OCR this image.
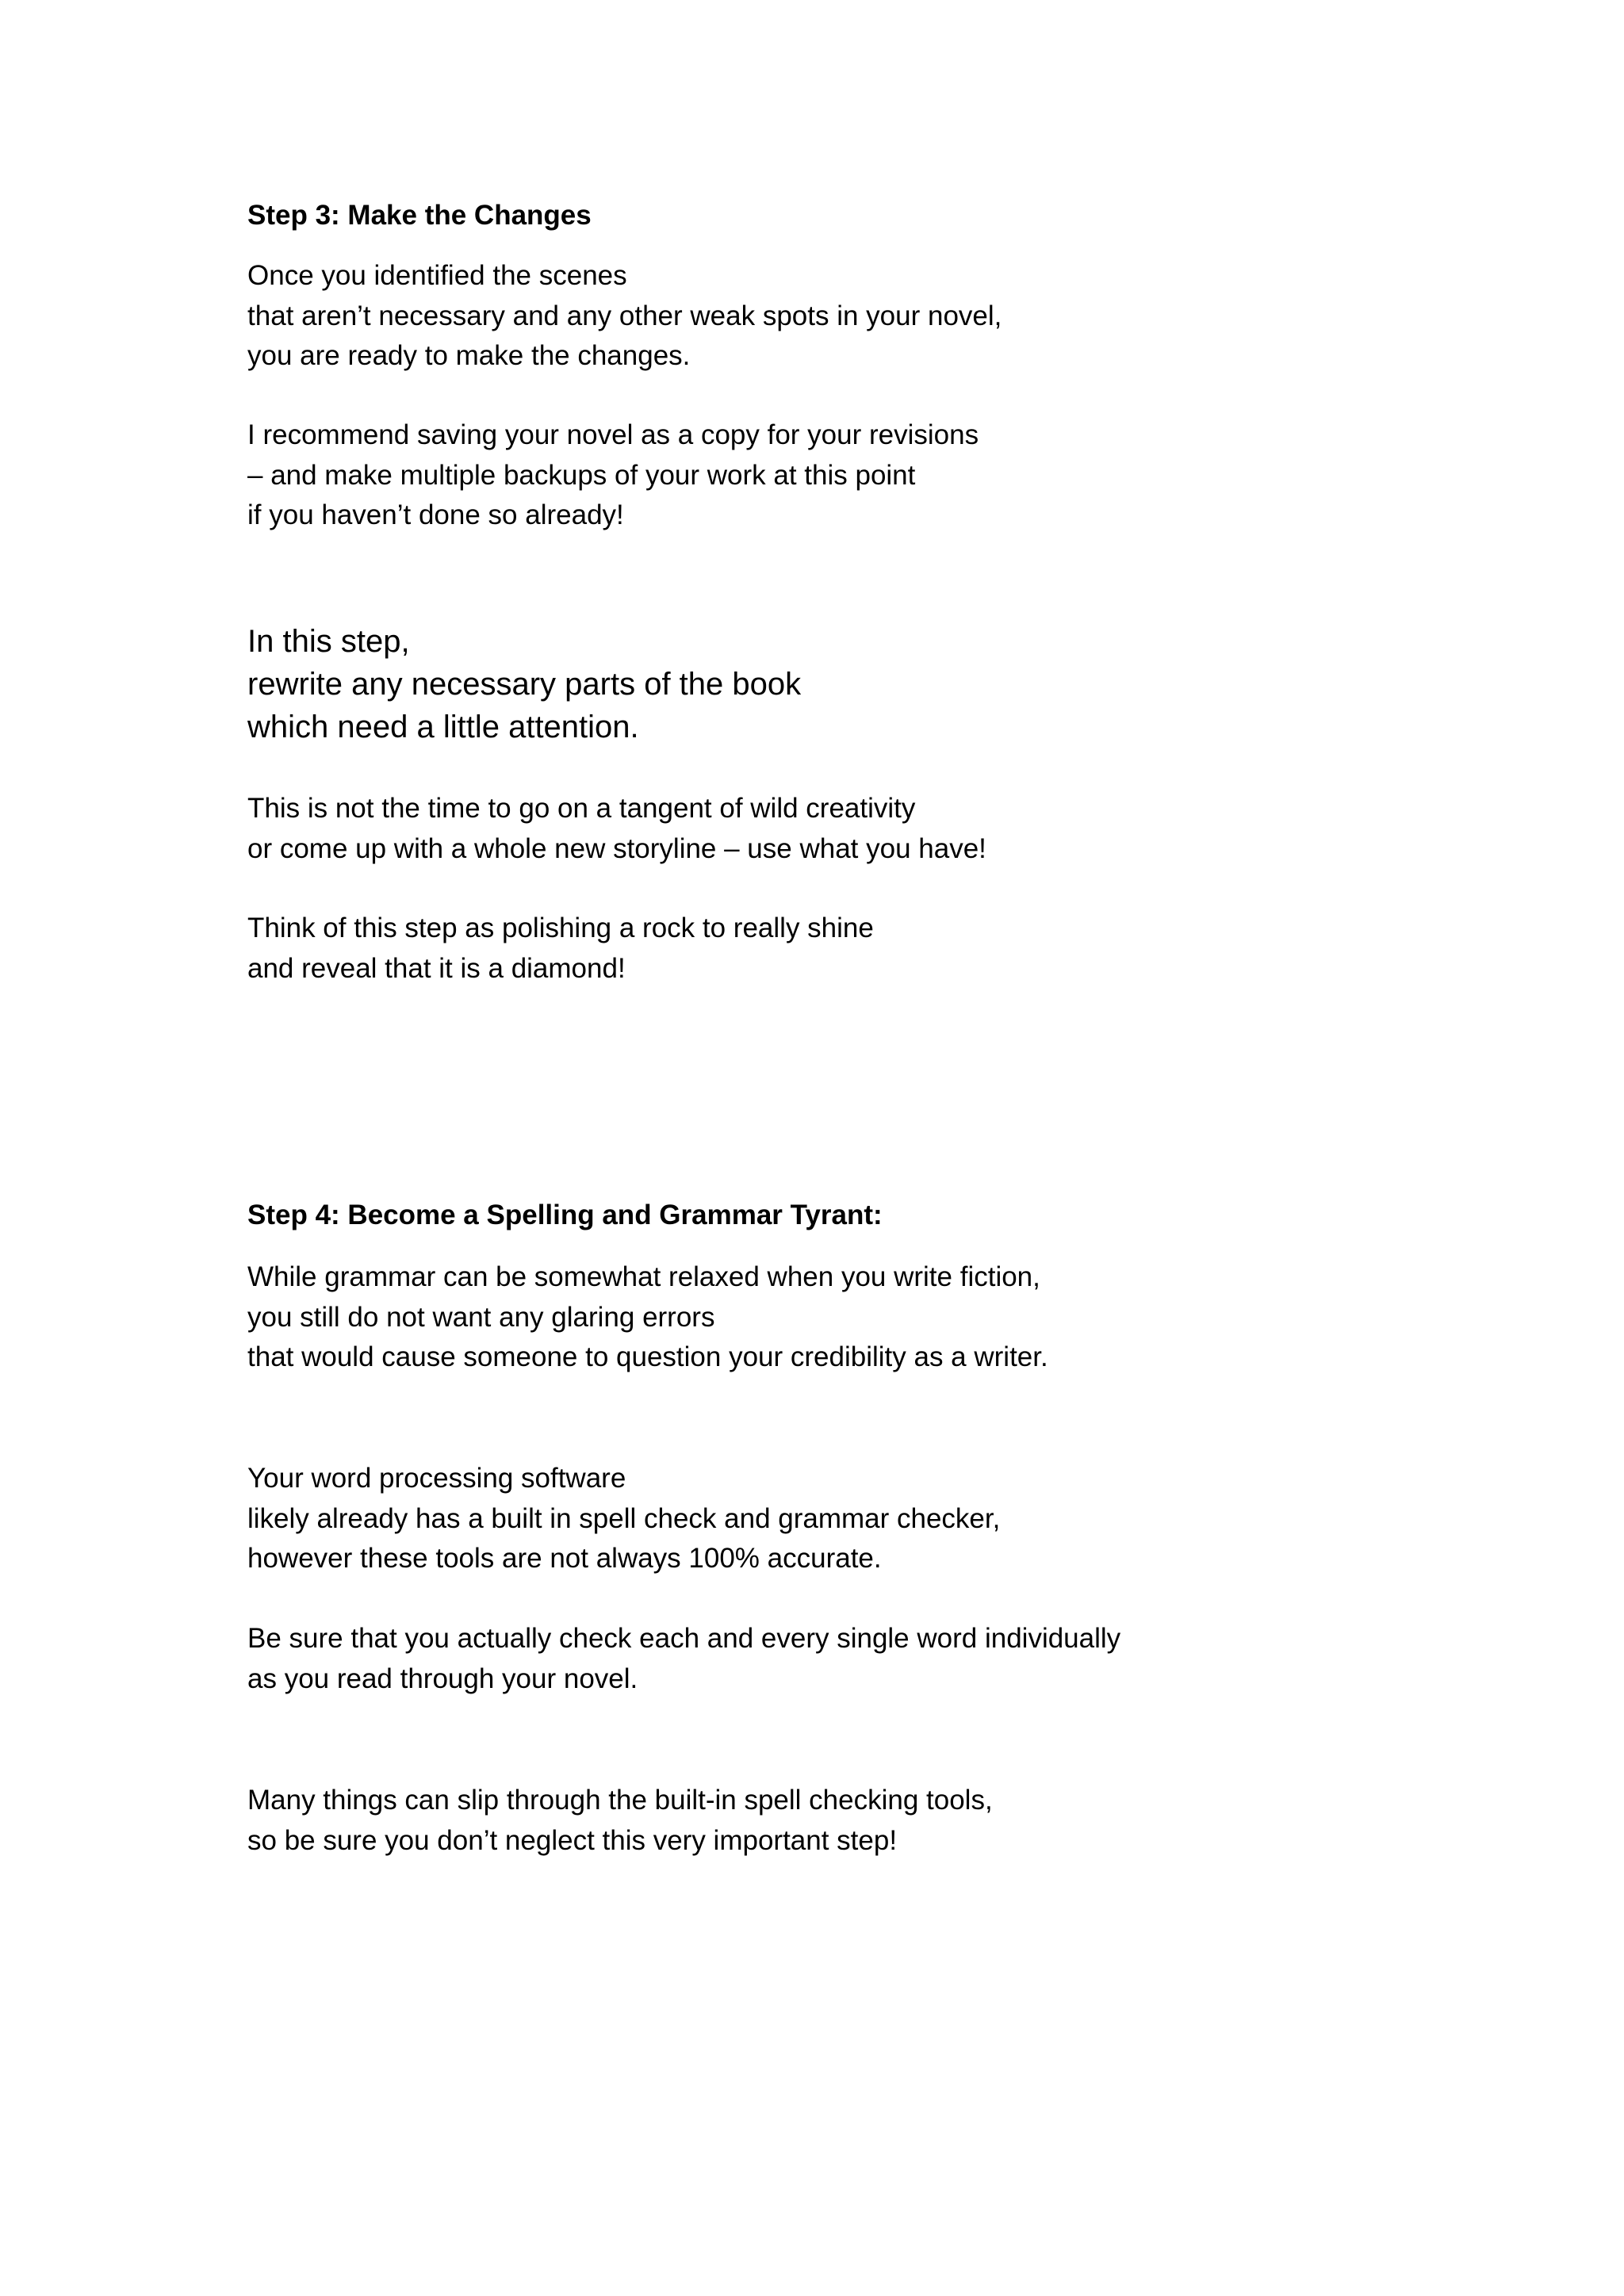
Step 3: Make the Changes
Once you identified the scenes
that aren’t necessary and any other weak spots in your novel,
you are ready to make the changes.
I recommend saving your novel as a copy for your revisions
– and make multiple backups of your work at this point
if you haven’t done so already!
In this step,
rewrite any necessary parts of the book
which need a little attention.
This is not the time to go on a tangent of wild creativity
or come up with a whole new storyline – use what you have!
Think of this step as polishing a rock to really shine
and reveal that it is a diamond!
Step 4: Become a Spelling and Grammar Tyrant:
While grammar can be somewhat relaxed when you write fiction,
you still do not want any glaring errors
that would cause someone to question your credibility as a writer.
Your word processing software
likely already has a built in spell check and grammar checker,
however these tools are not always 100% accurate.
Be sure that you actually check each and every single word individually
as you read through your novel.
Many things can slip through the built-in spell checking tools,
so be sure you don’t neglect this very important step!
